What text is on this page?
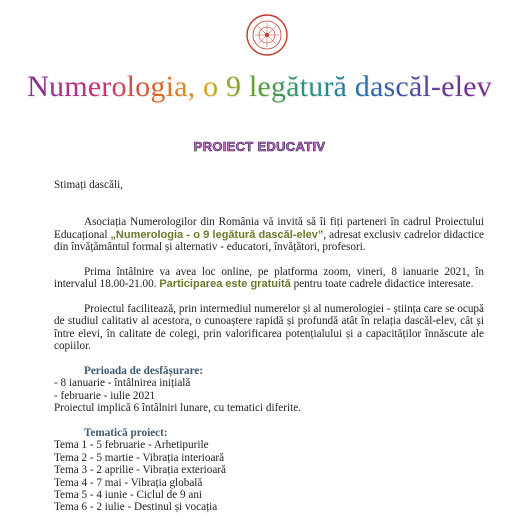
Numerologia, o 9 legătură dascăl-elev
PROIECT EDUCATIV

Stimați dascăli,

Asociația Numerologilor din România vă invită să îi fiți parteneri în cadrul Proiectului Educațional „Numerologia - o 9 legătură dascăl-elev”, adresat exclusiv cadrelor didactice din învățământul formal și alternativ - educatori, învățători, profesori.

Prima întâlnire va avea loc online, pe platforma zoom, vineri, 8 ianuarie 2021, în intervalul 18.00-21.00. Participarea este gratuită pentru toate cadrele didactice interesate.

Proiectul facilitează, prin intermediul numerelor și al numerologiei - știința care se ocupă de studiul calitativ al acestora, o cunoaștere rapidă și profundă atât în relația dascăl-elev, cât și între elevi, în calitate de colegi, prin valorificarea potențialului și a capacităților înnăscute ale copiilor.

Perioada de desfășurare:

- 8 ianuarie - întâlnirea inițială

- februarie - iulie 2021

Proiectul implică 6 întâlniri lunare, cu tematici diferite.

Tematică proiect:

Tema 1 - 5 februarie - Arhetipurile

Tema 2 - 5 martie - Vibrația interioară

Tema 3 - 2 aprilie - Vibrația exterioară

Tema 4 - 7 mai - Vibrația globală

Tema 5 - 4 iunie - Ciclul de 9 ani

Tema 6 - 2 iulie - Destinul și vocația
